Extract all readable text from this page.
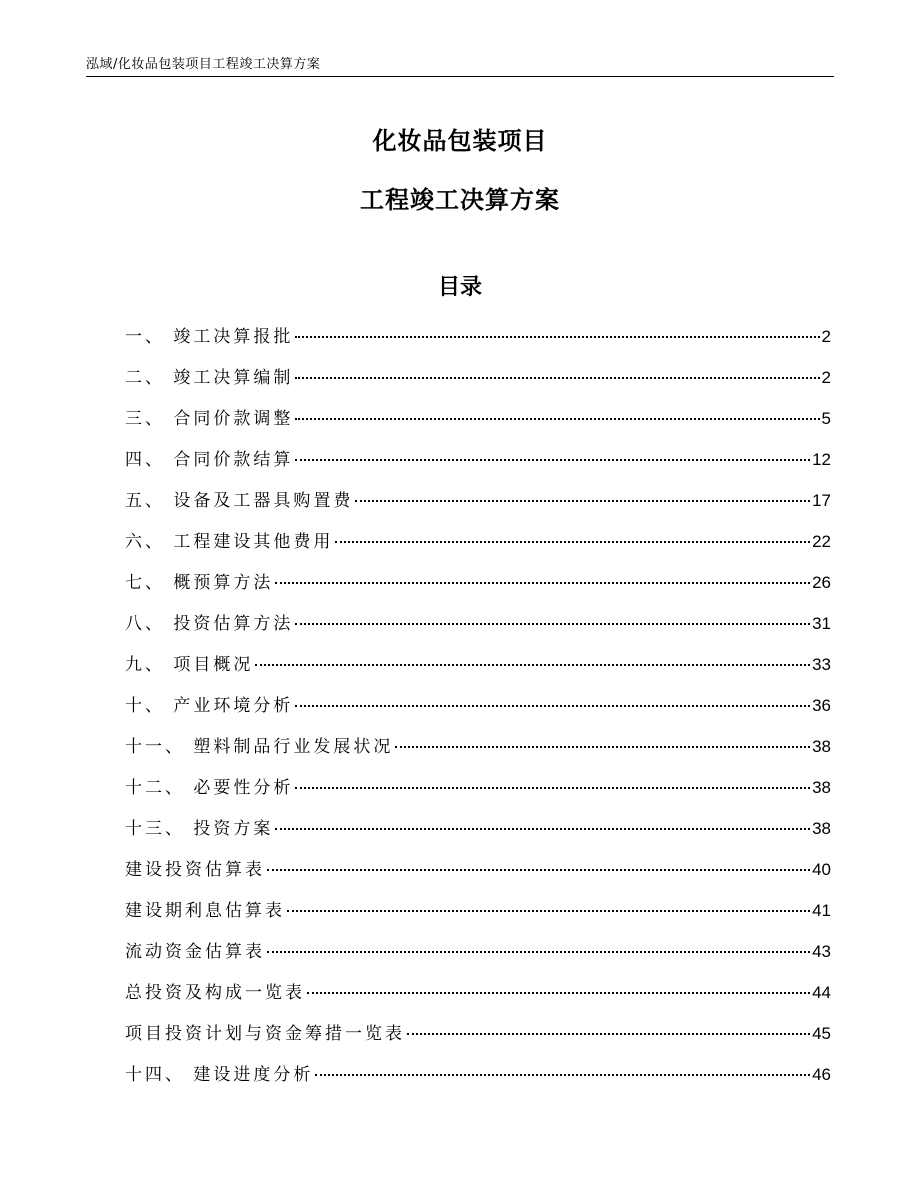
泓域/化妆品包装项目工程竣工决算方案
化妆品包装项目
工程竣工决算方案
目录
一、 竣工决算报批	2
二、 竣工决算编制	2
三、 合同价款调整	5
四、 合同价款结算	12
五、 设备及工器具购置费	17
六、 工程建设其他费用	22
七、 概预算方法	26
八、 投资估算方法	31
九、 项目概况	33
十、 产业环境分析	36
十一、 塑料制品行业发展状况	38
十二、 必要性分析	38
十三、 投资方案	38
建设投资估算表	40
建设期利息估算表	41
流动资金估算表	43
总投资及构成一览表	44
项目投资计划与资金筹措一览表	45
十四、 建设进度分析	46
